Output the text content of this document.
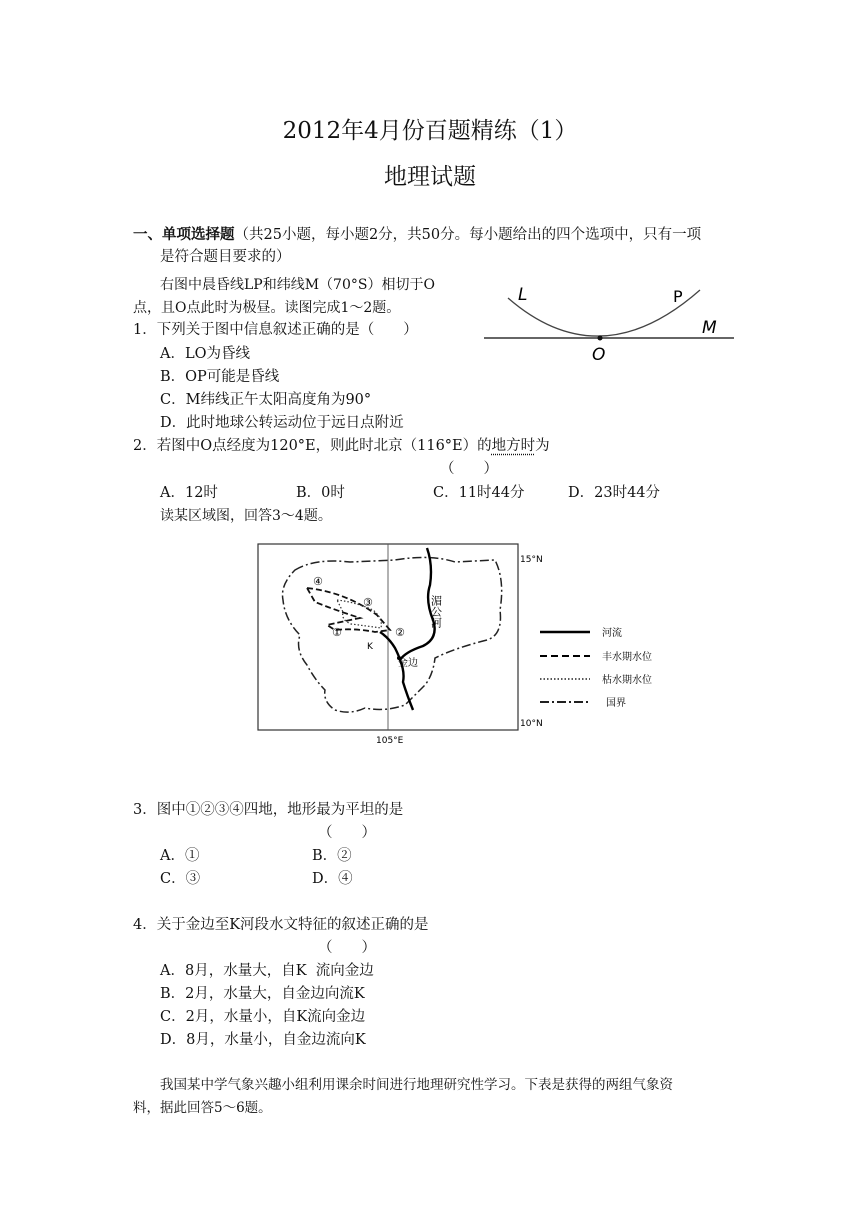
2012年4月份百题精练（1）
地理试题
一、单项选择题（共25小题，每小题2分，共50分。每小题给出的四个选项中，只有一项
是符合题目要求的）
右图中晨昏线LP和纬线M（70°S）相切于O
点，且O点此时为极昼。读图完成1～2题。
L	P
M
O
1．下列关于图中信息叙述正确的是（　　）
A．LO为昏线
B．OP可能是昏线
C．M纬线正午太阳高度角为90°
D．此时地球公转运动位于远日点附近
2．若图中O点经度为120°E，则此时北京（116°E）的地方时为
（　　）
A．12时	B．0时	C．11时44分	D．23时44分
读某区域图，回答3～4题。
④
③
①	②
K
金边
湄公河
15°N
10°N
105°E
河流
丰水期水位
枯水期水位
国界
3．图中①②③④四地，地形最为平坦的是
（　　）
A．①	B．②
C．③	D．④
4．关于金边至K河段水文特征的叙述正确的是
（　　）
A．8月，水量大，自K  流向金边
B．2月，水量大，自金边向流K
C．2月，水量小，自K流向金边
D．8月，水量小，自金边流向K
我国某中学气象兴趣小组利用课余时间进行地理研究性学习。下表是获得的两组气象资
料，据此回答5～6题。
